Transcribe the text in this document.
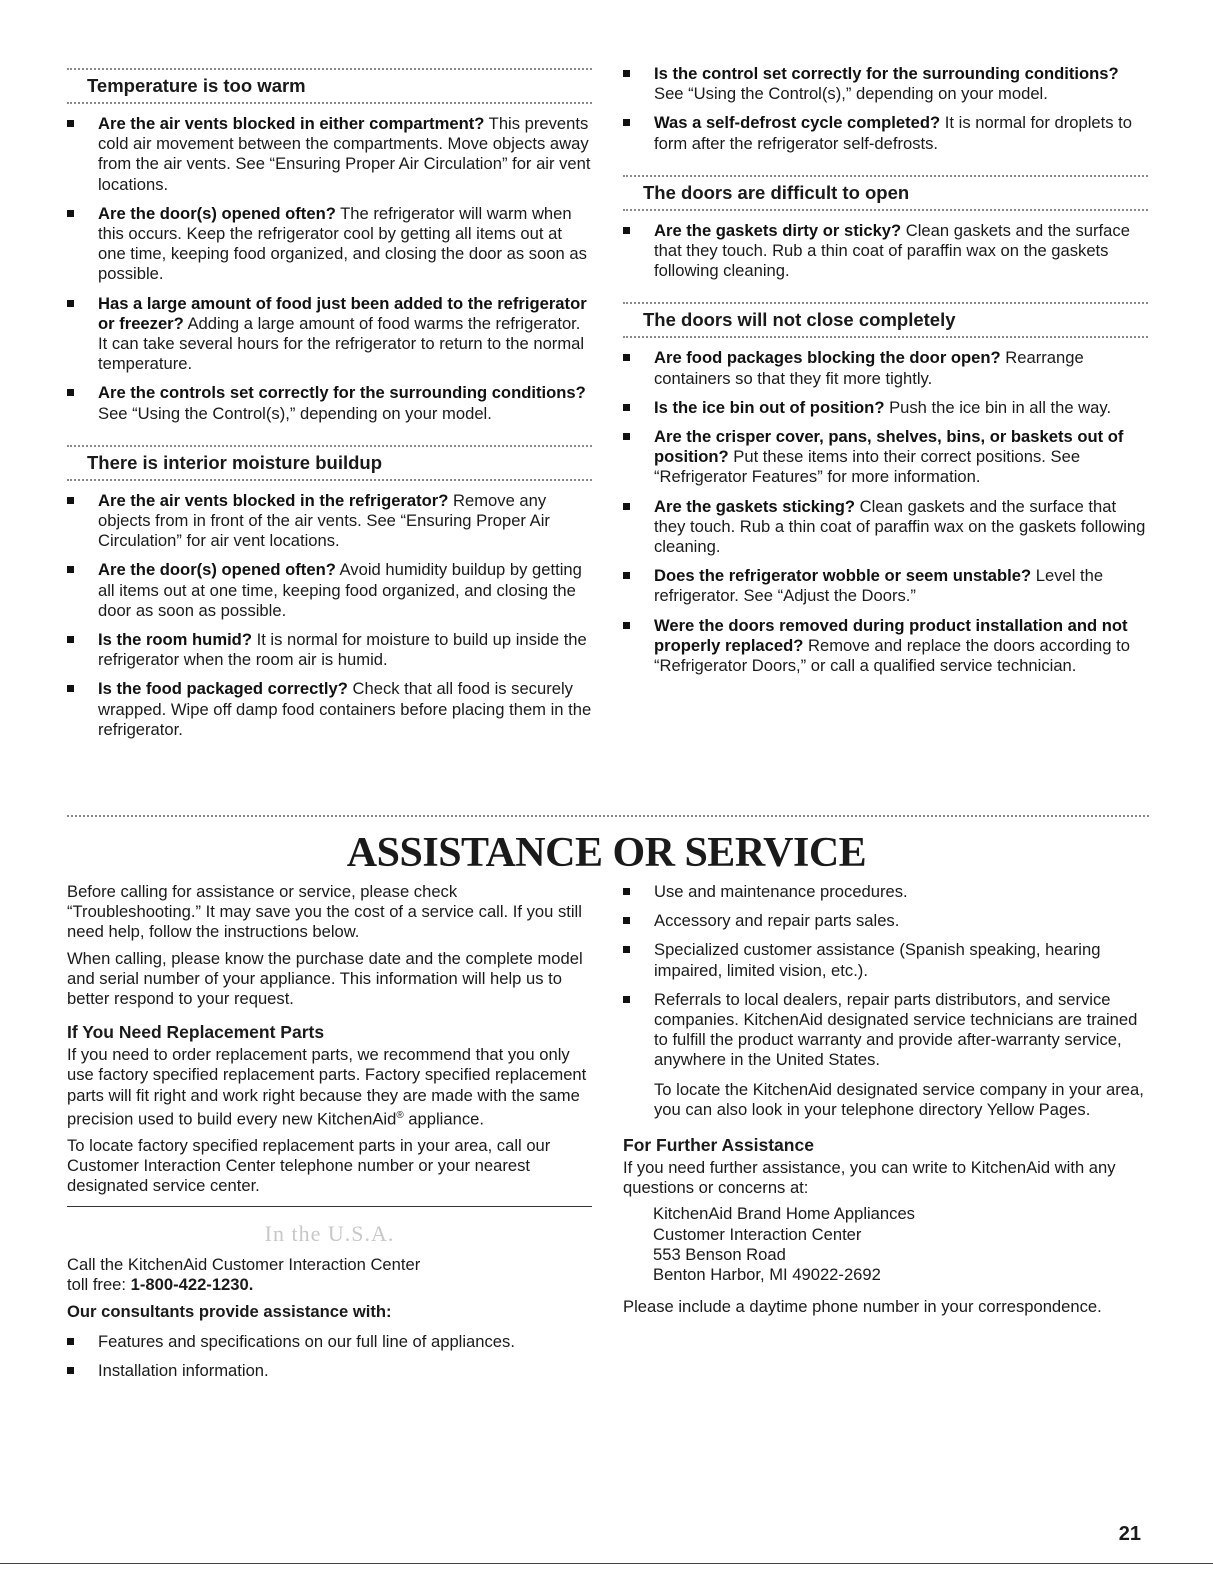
Temperature is too warm
Are the air vents blocked in either compartment? This prevents cold air movement between the compartments. Move objects away from the air vents. See “Ensuring Proper Air Circulation” for air vent locations.
Are the door(s) opened often? The refrigerator will warm when this occurs. Keep the refrigerator cool by getting all items out at one time, keeping food organized, and closing the door as soon as possible.
Has a large amount of food just been added to the refrigerator or freezer? Adding a large amount of food warms the refrigerator. It can take several hours for the refrigerator to return to the normal temperature.
Are the controls set correctly for the surrounding conditions? See “Using the Control(s),” depending on your model.
There is interior moisture buildup
Are the air vents blocked in the refrigerator? Remove any objects from in front of the air vents. See “Ensuring Proper Air Circulation” for air vent locations.
Are the door(s) opened often? Avoid humidity buildup by getting all items out at one time, keeping food organized, and closing the door as soon as possible.
Is the room humid? It is normal for moisture to build up inside the refrigerator when the room air is humid.
Is the food packaged correctly? Check that all food is securely wrapped. Wipe off damp food containers before placing them in the refrigerator.
Is the control set correctly for the surrounding conditions? See “Using the Control(s),” depending on your model.
Was a self-defrost cycle completed? It is normal for droplets to form after the refrigerator self-defrosts.
The doors are difficult to open
Are the gaskets dirty or sticky? Clean gaskets and the surface that they touch. Rub a thin coat of paraffin wax on the gaskets following cleaning.
The doors will not close completely
Are food packages blocking the door open? Rearrange containers so that they fit more tightly.
Is the ice bin out of position? Push the ice bin in all the way.
Are the crisper cover, pans, shelves, bins, or baskets out of position? Put these items into their correct positions. See “Refrigerator Features” for more information.
Are the gaskets sticking? Clean gaskets and the surface that they touch. Rub a thin coat of paraffin wax on the gaskets following cleaning.
Does the refrigerator wobble or seem unstable? Level the refrigerator. See “Adjust the Doors.”
Were the doors removed during product installation and not properly replaced? Remove and replace the doors according to “Refrigerator Doors,” or call a qualified service technician.
ASSISTANCE OR SERVICE

Before calling for assistance or service, please check “Troubleshooting.” It may save you the cost of a service call. If you still need help, follow the instructions below.

When calling, please know the purchase date and the complete model and serial number of your appliance. This information will help us to better respond to your request.

If You Need Replacement Parts

If you need to order replacement parts, we recommend that you only use factory specified replacement parts. Factory specified replacement parts will fit right and work right because they are made with the same precision used to build every new KitchenAid® appliance.

To locate factory specified replacement parts in your area, call our Customer Interaction Center telephone number or your nearest designated service center.

In the U.S.A.

Call the KitchenAid Customer Interaction Center

toll free: 1-800-422-1230.

Our consultants provide assistance with:
Features and specifications on our full line of appliances.
Installation information.
Use and maintenance procedures.
Accessory and repair parts sales.
Specialized customer assistance (Spanish speaking, hearing impaired, limited vision, etc.).
Referrals to local dealers, repair parts distributors, and service companies. KitchenAid designated service technicians are trained to fulfill the product warranty and provide after-warranty service, anywhere in the United States.

To locate the KitchenAid designated service company in your area, you can also look in your telephone directory Yellow Pages.

For Further Assistance

If you need further assistance, you can write to KitchenAid with any questions or concerns at:

KitchenAid Brand Home Appliances
Customer Interaction Center
553 Benson Road
Benton Harbor, MI 49022-2692

Please include a daytime phone number in your correspondence.

21
